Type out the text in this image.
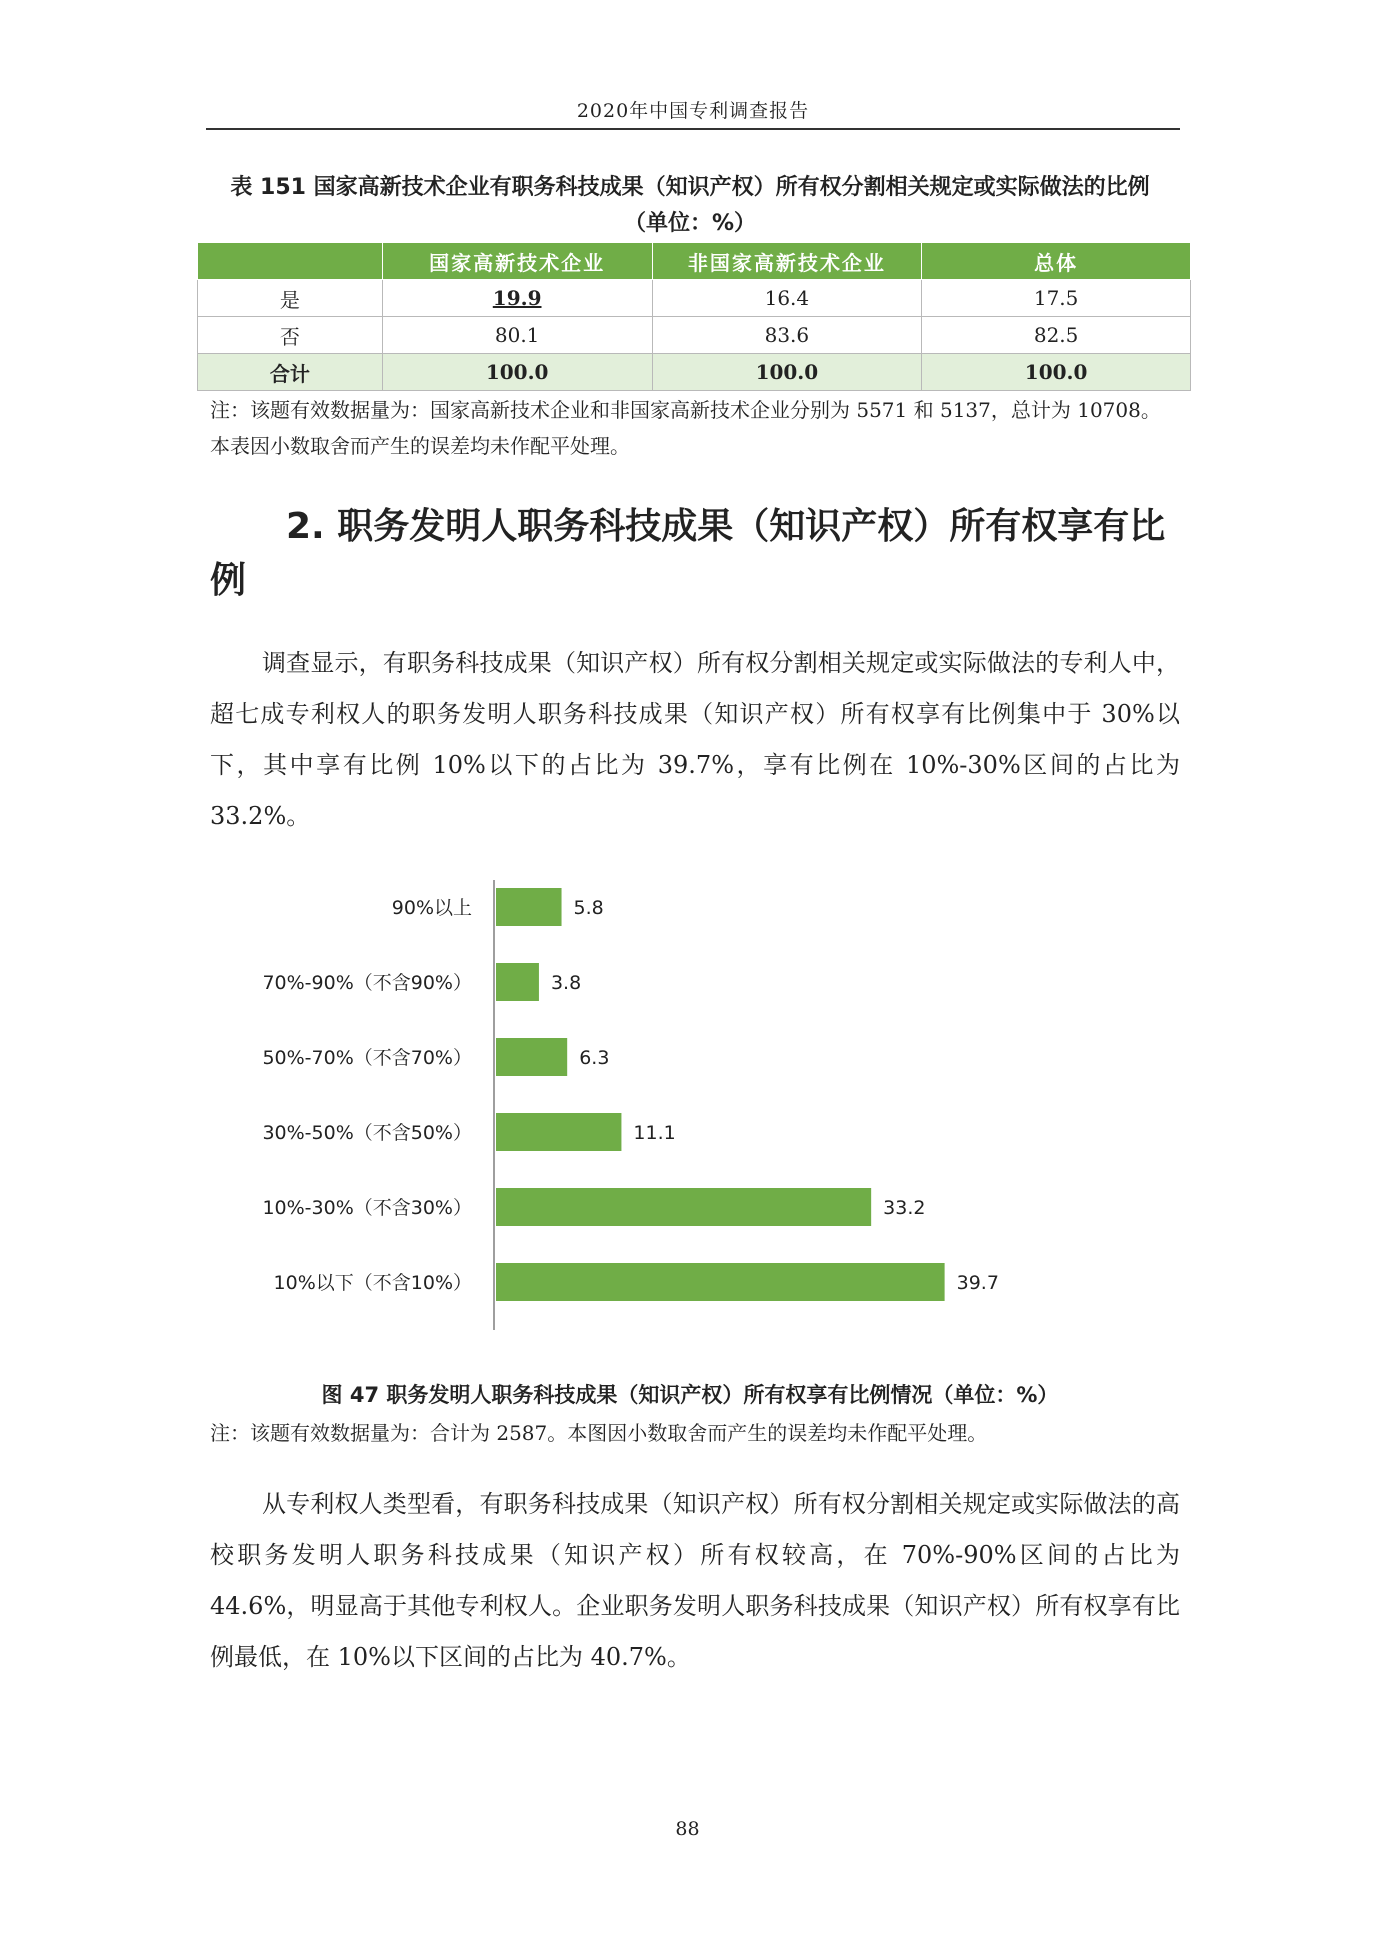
2020年中国专利调查报告
表 151 国家高新技术企业有职务科技成果（知识产权）所有权分割相关规定或实际做法的比例
（单位：%）
	国家高新技术企业	非国家高新技术企业	总体
是	19.9	16.4	17.5
否	80.1	83.6	82.5
合计	100.0	100.0	100.0
注：该题有效数据量为：国家高新技术企业和非国家高新技术企业分别为 5571 和 5137，总计为 10708。本表因小数取舍而产生的误差均未作配平处理。
2. 职务发明人职务科技成果（知识产权）所有权享有比例
调查显示，有职务科技成果（知识产权）所有权分割相关规定或实际做法的专利人中，超七成专利权人的职务发明人职务科技成果（知识产权）所有权享有比例集中于 30%以下，其中享有比例 10%以下的占比为 39.7%，享有比例在 10%-30%区间的占比为 33.2%。
90%以上	5.8
70%-90%（不含90%）	3.8
50%-70%（不含70%）	6.3
30%-50%（不含50%）	11.1
10%-30%（不含30%）	33.2
10%以下（不含10%）	39.7
图 47 职务发明人职务科技成果（知识产权）所有权享有比例情况（单位：%）
注：该题有效数据量为：合计为 2587。本图因小数取舍而产生的误差均未作配平处理。
从专利权人类型看，有职务科技成果（知识产权）所有权分割相关规定或实际做法的高校职务发明人职务科技成果（知识产权）所有权较高，在 70%-90%区间的占比为 44.6%，明显高于其他专利权人。企业职务发明人职务科技成果（知识产权）所有权享有比例最低，在 10%以下区间的占比为 40.7%。
88
